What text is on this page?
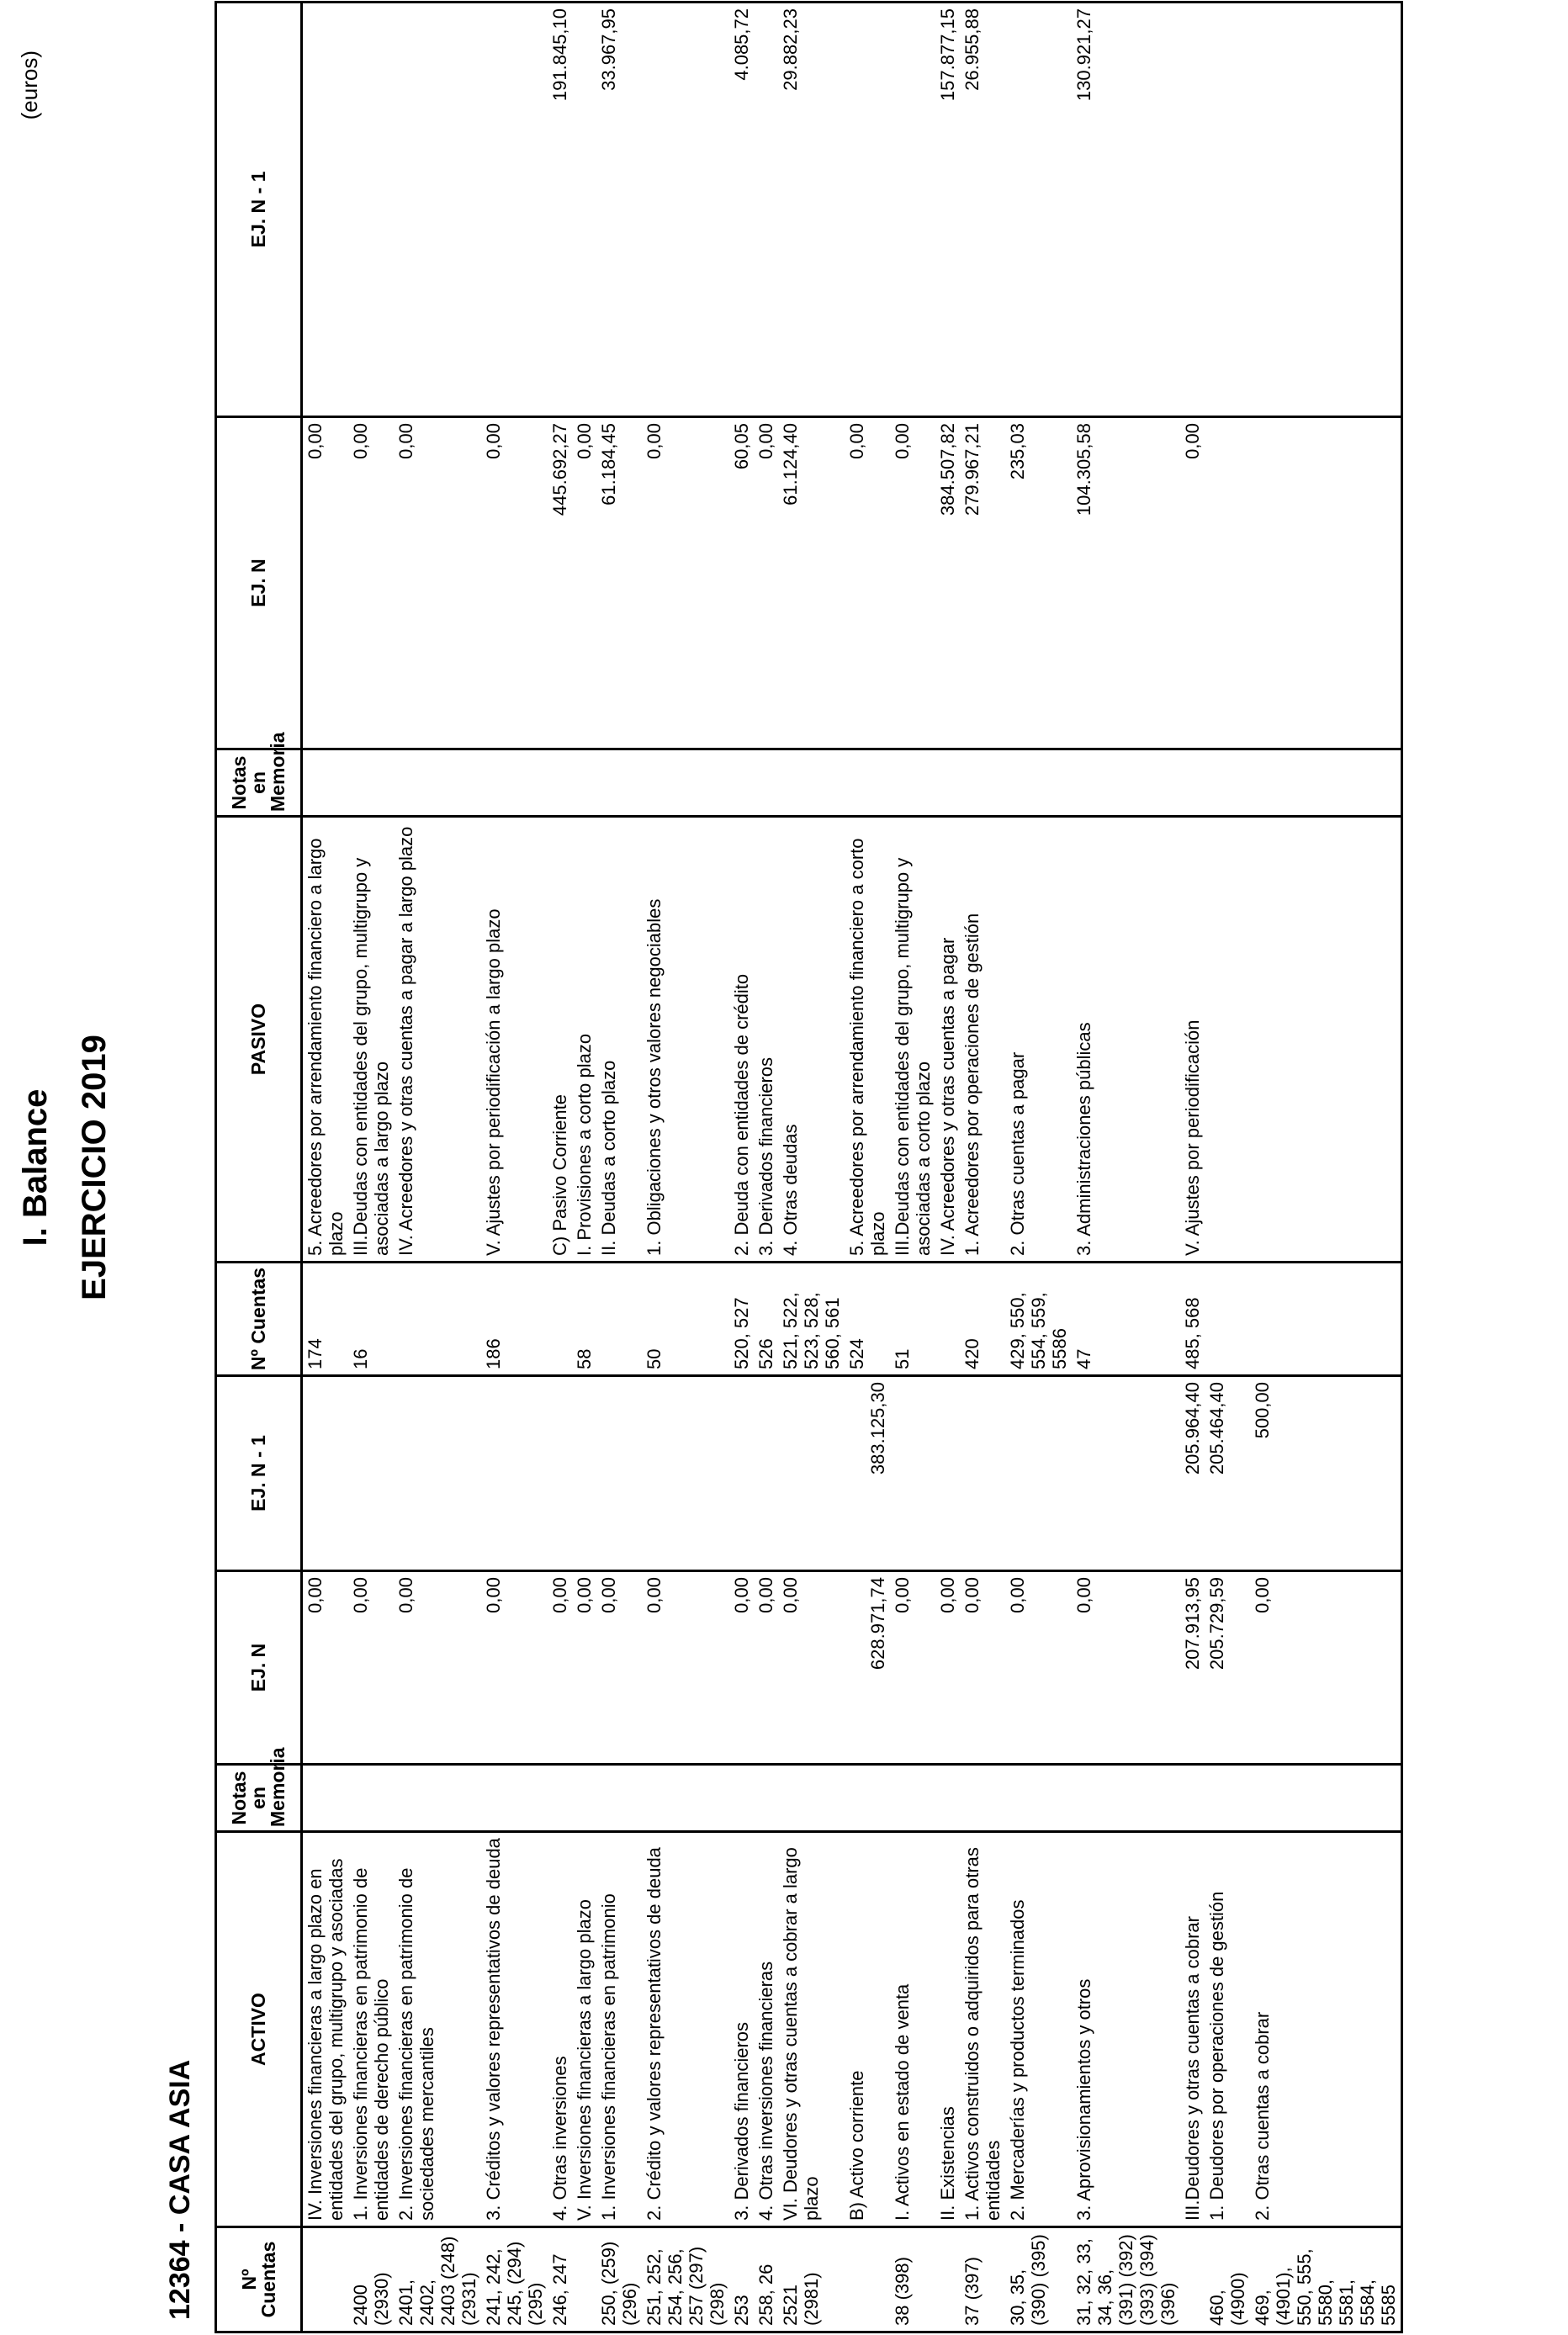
I. Balance EJERCICIO 2019
12364 - CASA ASIA
(euros)
Nº Cuentas	ACTIVO	Notas en Memoria	EJ. N	EJ. N - 1	Nº Cuentas	PASIVO	Notas en Memoria	EJ. N	EJ. N - 1
	IV. Inversiones financieras a largo plazo en entidades del grupo, multigrupo y asociadas		0,00		174	5. Acreedores por arrendamiento financiero a largo plazo		0,00	
2400 (2930)	1. Inversiones financieras en patrimonio de entidades de derecho público		0,00		16	III.Deudas con entidades del grupo, multigrupo y asociadas a largo plazo		0,00	
2401, 2402, 2403 (248) (2931)	2. Inversiones financieras en patrimonio de sociedades mercantiles		0,00			IV. Acreedores y otras cuentas a pagar a largo plazo		0,00	
241, 242, 245, (294) (295)	3. Créditos y valores representativos de deuda		0,00		186	V. Ajustes por periodificación a largo plazo		0,00	
246, 247	4. Otras inversiones		0,00			C) Pasivo Corriente		445.692,27	191.845,10
	V. Inversiones financieras a largo plazo		0,00		58	I. Provisiones a corto plazo		0,00	
250, (259) (296)	1. Inversiones financieras en patrimonio		0,00			II. Deudas a corto plazo		61.184,45	33.967,95
251, 252, 254, 256, 257 (297) (298)	2. Crédito y valores representativos de deuda		0,00		50	1. Obligaciones y otros valores negociables		0,00	
253	3. Derivados financieros		0,00		520, 527	2. Deuda con entidades de crédito		60,05	4.085,72
258, 26	4. Otras inversiones financieras		0,00		526	3. Derivados financieros		0,00	
2521 (2981)	VI. Deudores y otras cuentas a cobrar a largo plazo		0,00		521, 522, 523, 528, 560, 561	4. Otras deudas		61.124,40	29.882,23
	B) Activo corriente		628.971,74	383.125,30	524	5. Acreedores por arrendamiento financiero a corto plazo		0,00	
38 (398)	I. Activos en estado de venta		0,00		51	III.Deudas con entidades del grupo, multigrupo y asociadas a corto plazo		0,00	
	II. Existencias		0,00			IV. Acreedores y otras cuentas a pagar		384.507,82	157.877,15
37 (397)	1. Activos construidos o adquiridos para otras entidades		0,00		420	1. Acreedores por operaciones de gestión		279.967,21	26.955,88
30, 35, (390) (395)	2. Mercaderías y productos terminados		0,00		429, 550, 554, 559, 5586	2. Otras cuentas a pagar		235,03	
31, 32, 33, 34, 36, (391) (392) (393) (394) (396)	3. Aprovisionamientos y otros		0,00		47	3. Administraciones públicas		104.305,58	130.921,27
	III.Deudores y otras cuentas a cobrar		207.913,95	205.964,40	485, 568	V. Ajustes por periodificación		0,00	
460, (4900)	1. Deudores por operaciones de gestión		205.729,59	205.464,40					
469, (4901), 550, 555, 5580, 5581, 5584, 5585	2. Otras cuentas a cobrar		0,00	500,00					
